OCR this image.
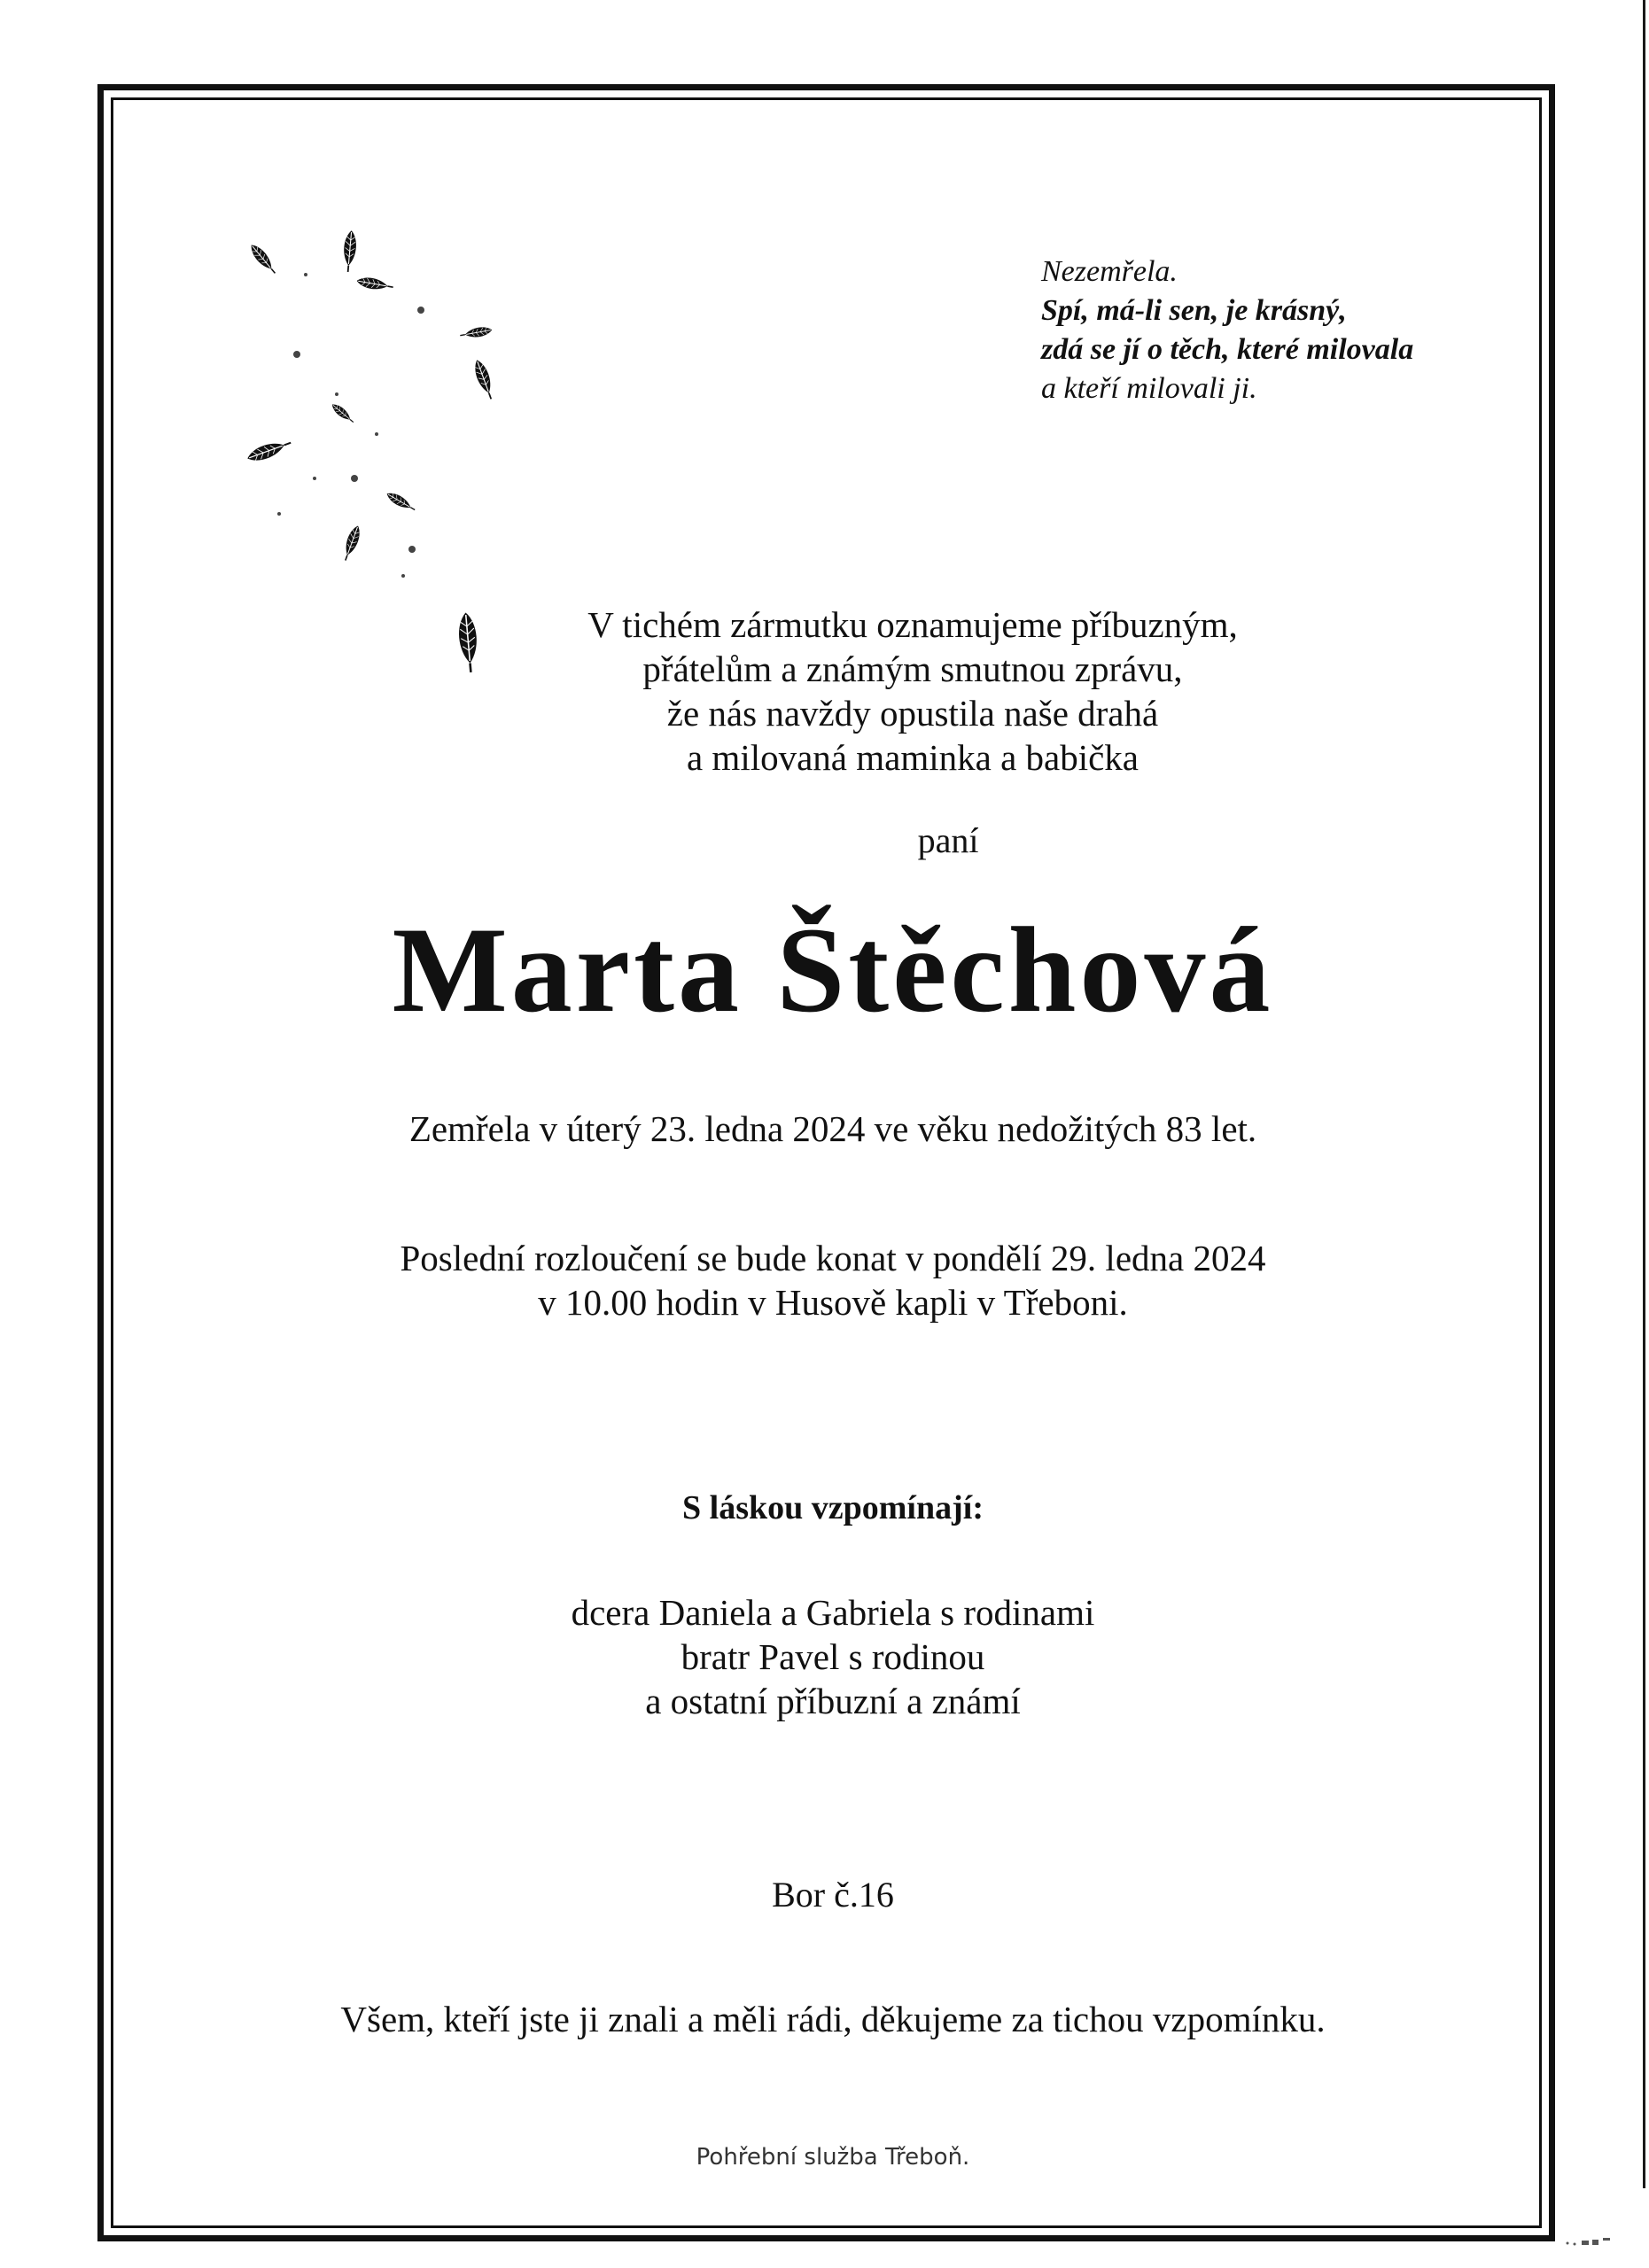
Nezemřela.
Spí, má-li sen, je krásný,
zdá se jí o těch, které milovala
a kteří milovali ji.
V tichém zármutku oznamujeme příbuzným,
přátelům a známým smutnou zprávu,
že nás navždy opustila naše drahá
a milovaná maminka a babička
paní
Marta Štěchová
Zemřela v úterý 23. ledna 2024 ve věku nedožitých 83 let.
Poslední rozloučení se bude konat v pondělí 29. ledna 2024
v 10.00 hodin v Husově kapli v Třeboni.
S láskou vzpomínají:
dcera Daniela a Gabriela s rodinami
bratr Pavel s rodinou
a ostatní příbuzní a známí
Bor č.16
Všem, kteří jste ji znali a měli rádi, děkujeme za tichou vzpomínku.
Pohřební služba Třeboň.
